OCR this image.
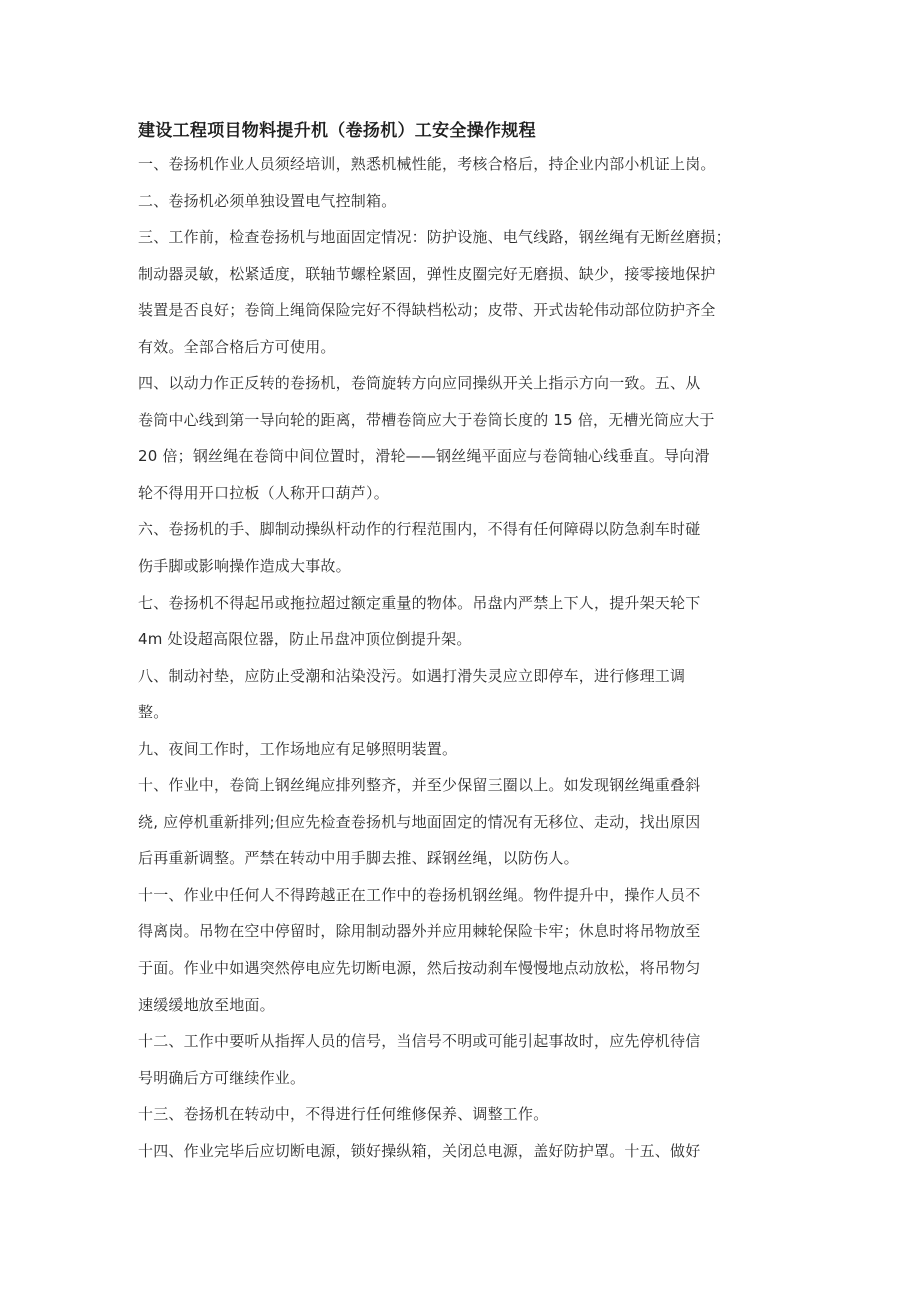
建设工程项目物料提升机（卷扬机）工安全操作规程
一、卷扬机作业人员须经培训，熟悉机械性能，考核合格后，持企业内部小机证上岗。
二、卷扬机必须单独设置电气控制箱。
三、工作前，检查卷扬机与地面固定情况：防护设施、电气线路，钢丝绳有无断丝磨损；
制动器灵敏，松紧适度，联轴节螺栓紧固，弹性皮圈完好无磨损、缺少，接零接地保护
装置是否良好；卷筒上绳筒保险完好不得缺档松动；皮带、开式齿轮伟动部位防护齐全
有效。全部合格后方可使用。
四、以动力作正反转的卷扬机，卷筒旋转方向应同操纵开关上指示方向一致。五、从
卷筒中心线到第一导向轮的距离，带槽卷筒应大于卷筒长度的 15 倍，无槽光筒应大于
20 倍；钢丝绳在卷筒中间位置时，滑轮——钢丝绳平面应与卷筒轴心线垂直。导向滑
轮不得用开口拉板（人称开口葫芦）。
六、卷扬机的手、脚制动操纵杆动作的行程范围内，不得有任何障碍以防急刹车时碰
伤手脚或影响操作造成大事故。
七、卷扬机不得起吊或拖拉超过额定重量的物体。吊盘内严禁上下人，提升架天轮下
4m 处设超高限位器，防止吊盘冲顶位倒提升架。
八、制动衬垫，应防止受潮和沾染没污。如遇打滑失灵应立即停车，进行修理工调
整。
九、夜间工作时，工作场地应有足够照明装置。
十、作业中，卷筒上钢丝绳应排列整齐，并至少保留三圈以上。如发现钢丝绳重叠斜
绕, 应停机重新排列;但应先检查卷扬机与地面固定的情况有无移位、走动，找出原因
后再重新调整。严禁在转动中用手脚去推、踩钢丝绳，以防伤人。
十一、作业中任何人不得跨越正在工作中的卷扬机钢丝绳。物件提升中，操作人员不
得离岗。吊物在空中停留时，除用制动器外并应用棘轮保险卡牢；休息时将吊物放至
于面。作业中如遇突然停电应先切断电源，然后按动刹车慢慢地点动放松，将吊物匀
速缓缓地放至地面。
十二、工作中要听从指挥人员的信号，当信号不明或可能引起事故时，应先停机待信
号明确后方可继续作业。
十三、卷扬机在转动中，不得进行任何维修保养、调整工作。
十四、作业完毕后应切断电源，锁好操纵箱，关闭总电源，盖好防护罩。十五、做好
